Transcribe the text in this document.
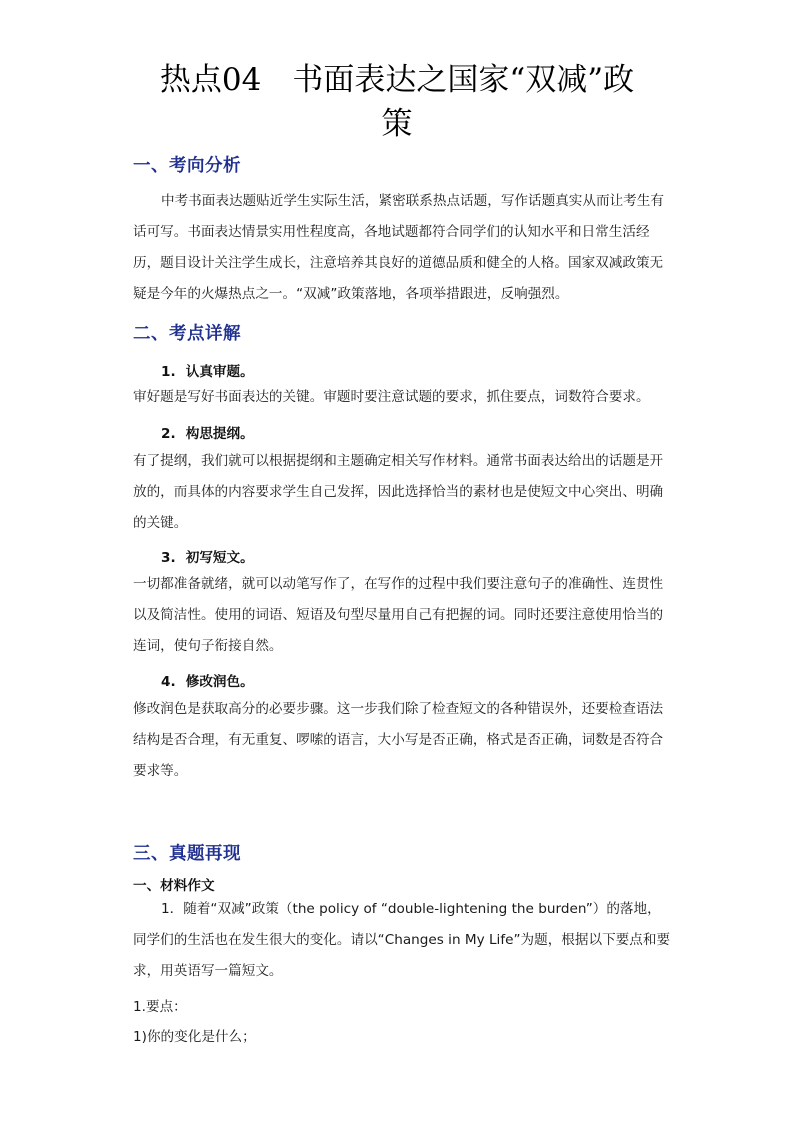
热点04　书面表达之国家“双减”政
策
一、考向分析

中考书面表达题贴近学生实际生活，紧密联系热点话题，写作话题真实从而让考生有话可写。书面表达情景实用性程度高，各地试题都符合同学们的认知水平和日常生活经历，题目设计关注学生成长，注意培养其良好的道德品质和健全的人格。国家双减政策无疑是今年的火爆热点之一。“双减”政策落地，各项举措跟进，反响强烈。

二、考点详解
1. 认真审题。

审好题是写好书面表达的关键。审题时要注意试题的要求，抓住要点，词数符合要求。

2. 构思提纲。

有了提纲，我们就可以根据提纲和主题确定相关写作材料。通常书面表达给出的话题是开放的，而具体的内容要求学生自己发挥，因此选择恰当的素材也是使短文中心突出、明确的关键。

3. 初写短文。

一切都准备就绪，就可以动笔写作了，在写作的过程中我们要注意句子的准确性、连贯性以及简洁性。使用的词语、短语及句型尽量用自己有把握的词。同时还要注意使用恰当的连词，使句子衔接自然。

4. 修改润色。

修改润色是获取高分的必要步骤。这一步我们除了检查短文的各种错误外，还要检查语法结构是否合理，有无重复、啰嗦的语言，大小写是否正确，格式是否正确，词数是否符合要求等。

三、真题再现
一、材料作文

1．随着“双减”政策（the policy of “double-lightening the burden”）的落地，同学们的生活也在发生很大的变化。请以“Changes in My Life”为题，根据以下要点和要求，用英语写一篇短文。

1.要点：
1)你的变化是什么；
